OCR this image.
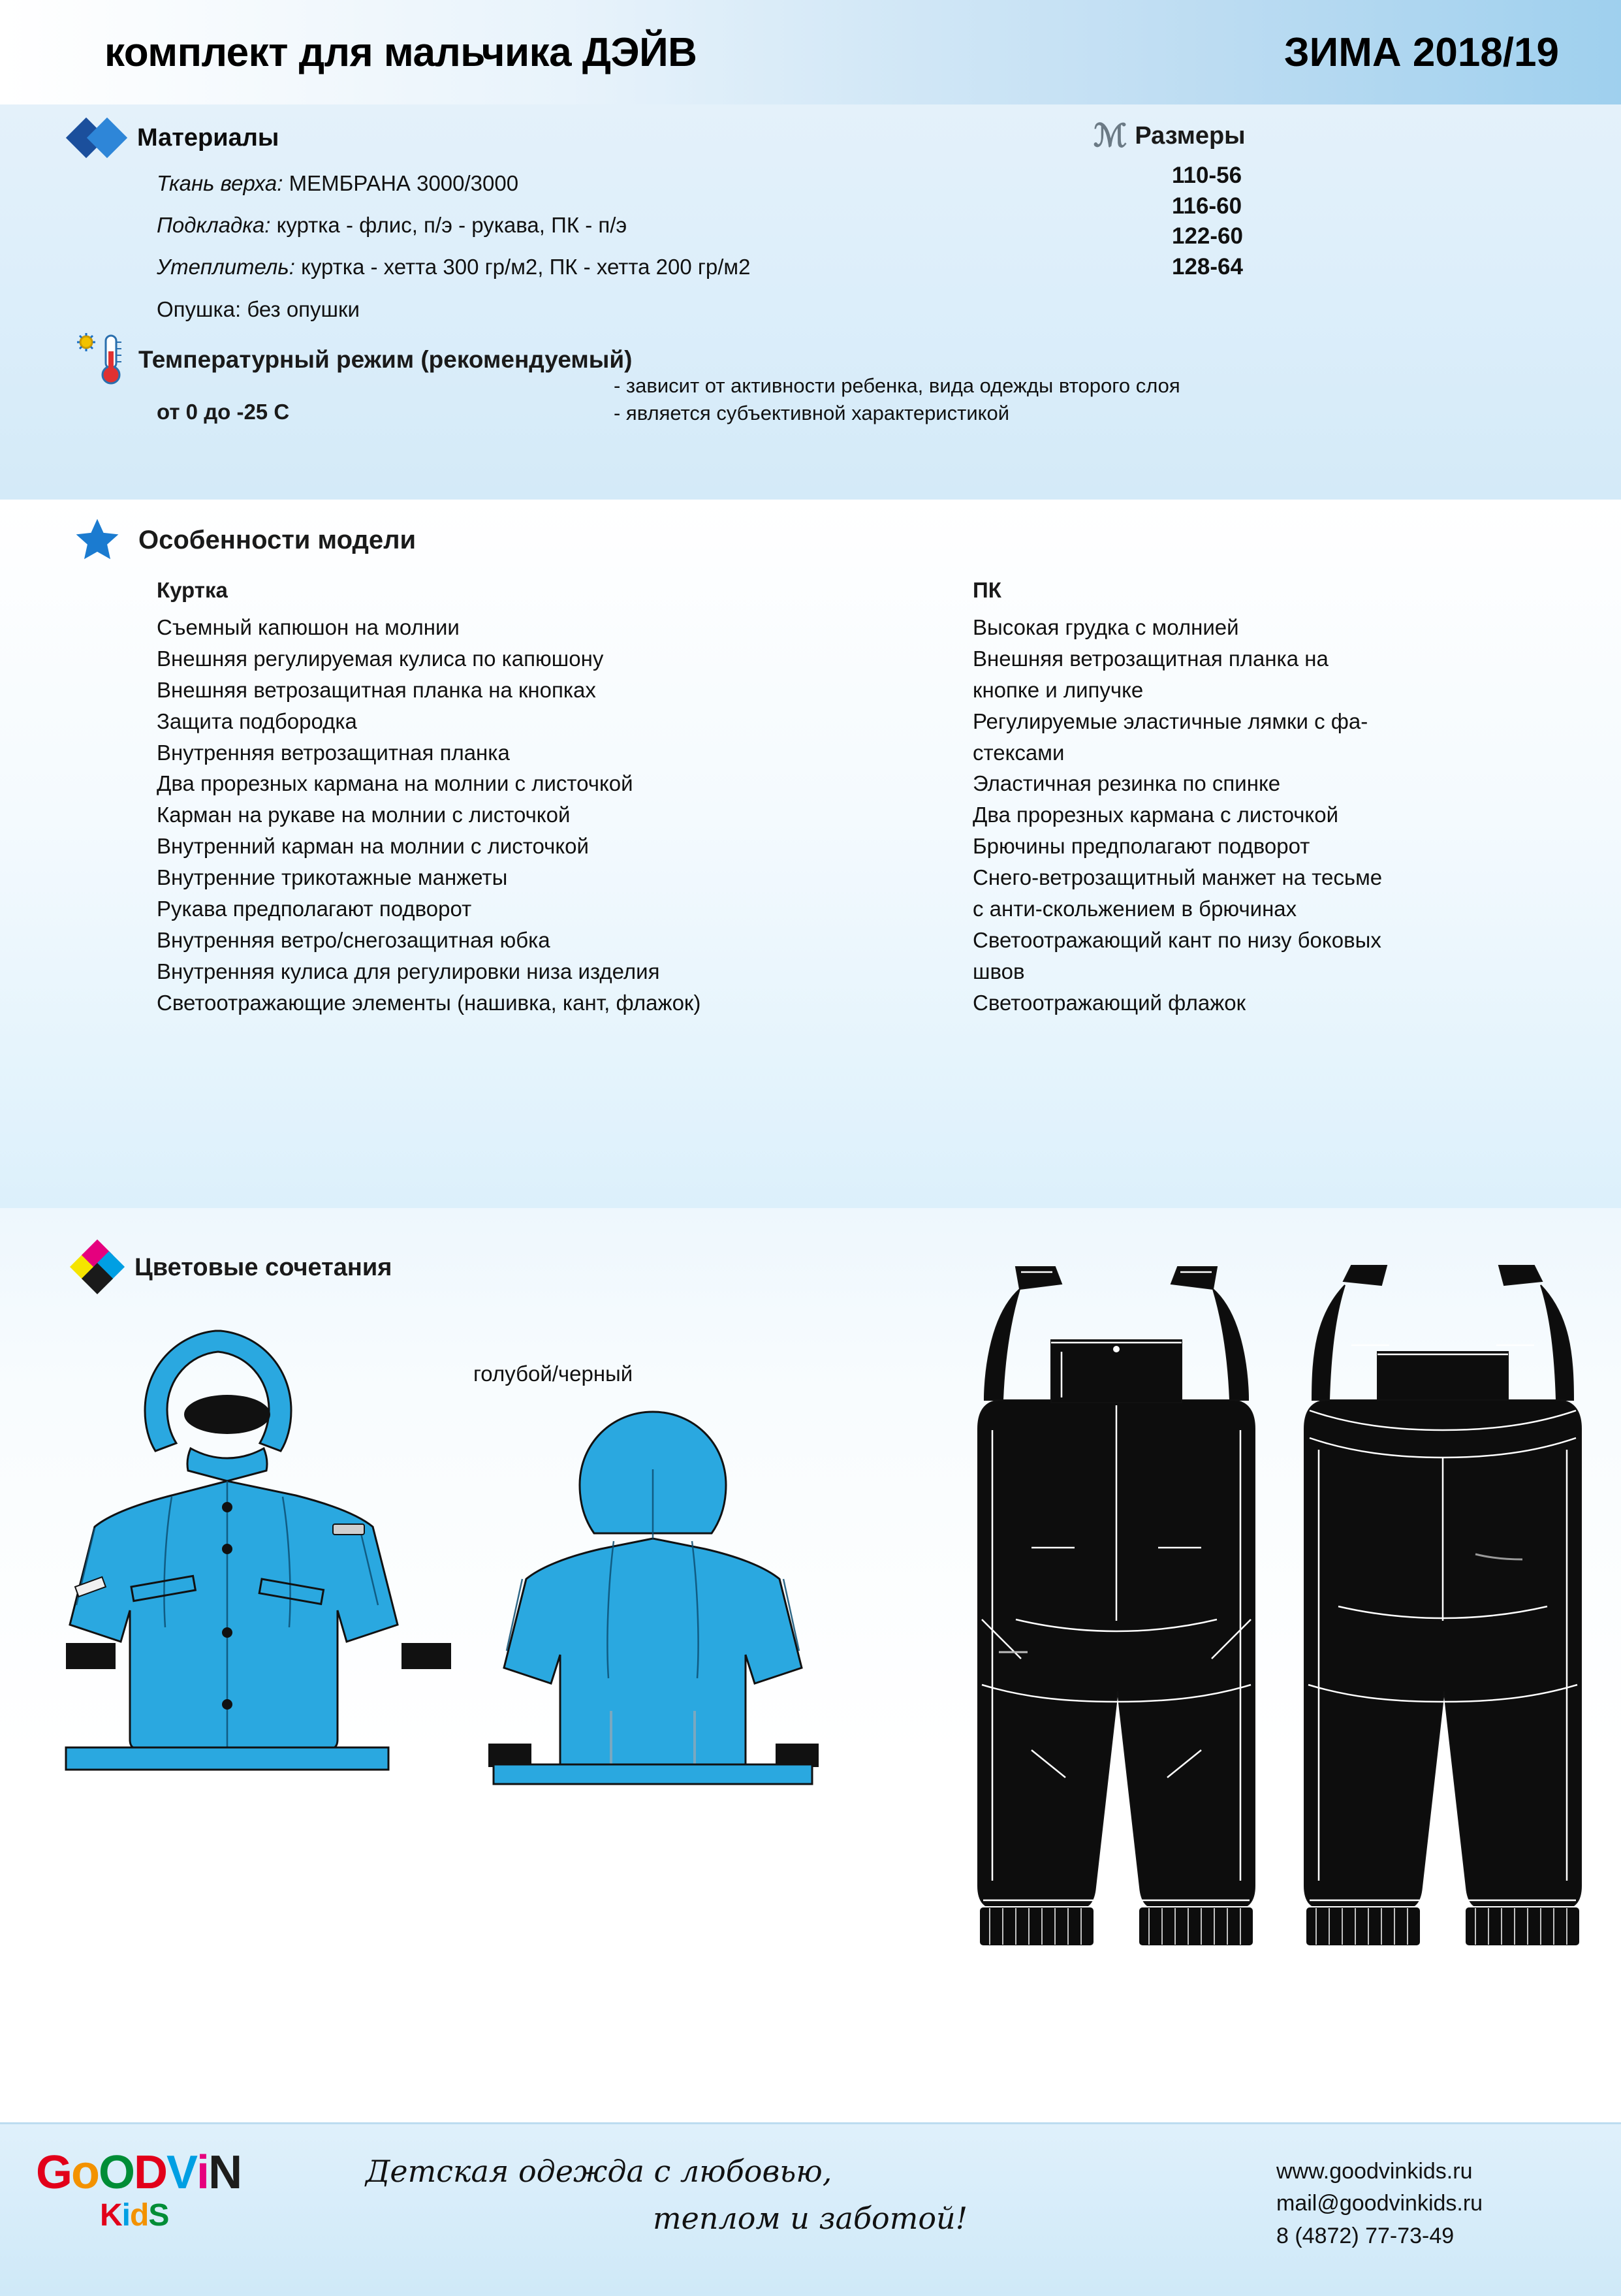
комплект для мальчика ДЭЙВ	ЗИМА 2018/19
Материалы
Ткань верха: МЕМБРАНА 3000/3000
Подкладка: куртка - флис, п/э - рукава, ПК - п/э
Утеплитель: куртка - хетта 300 гр/м2, ПК - хетта 200 гр/м2
Опушка: без опушки
ℳ Размеры
110-56
116-60
122-60
128-64
Температурный режим (рекомендуемый)
от 0 до -25 С
- зависит от активности ребенка, вида одежды второго слоя
- является субъективной характеристикой
Особенности модели
Куртка
Съемный капюшон на молнии
Внешняя регулируемая кулиса по капюшону
Внешняя ветрозащитная планка на кнопках
Защита подбородка
Внутренняя ветрозащитная планка
Два прорезных кармана на молнии с листочкой
Карман на рукаве на молнии с листочкой
Внутренний карман на молнии с листочкой
Внутренние трикотажные манжеты
Рукава предполагают подворот
Внутренняя ветро/снегозащитная юбка
Внутренняя кулиса для регулировки низа изделия
Светоотражающие элементы (нашивка, кант, флажок)
ПК
Высокая грудка с молнией
Внешняя ветрозащитная планка на
кнопке и липучке
Регулируемые эластичные лямки с фа-
стексами
Эластичная резинка по спинке
Два прорезных кармана с листочкой
Брючины предполагают подворот
Снего-ветрозащитный манжет на тесьме
с анти-скольжением в брючинах
Светоотражающий кант по низу боковых
швов
Светоотражающий флажок
Цветовые сочетания
голубой/черный
GoODViN
KidS
Детская одежда с любовью,
теплом и заботой!
www.goodvinkids.ru
mail@goodvinkids.ru
8 (4872) 77-73-49
